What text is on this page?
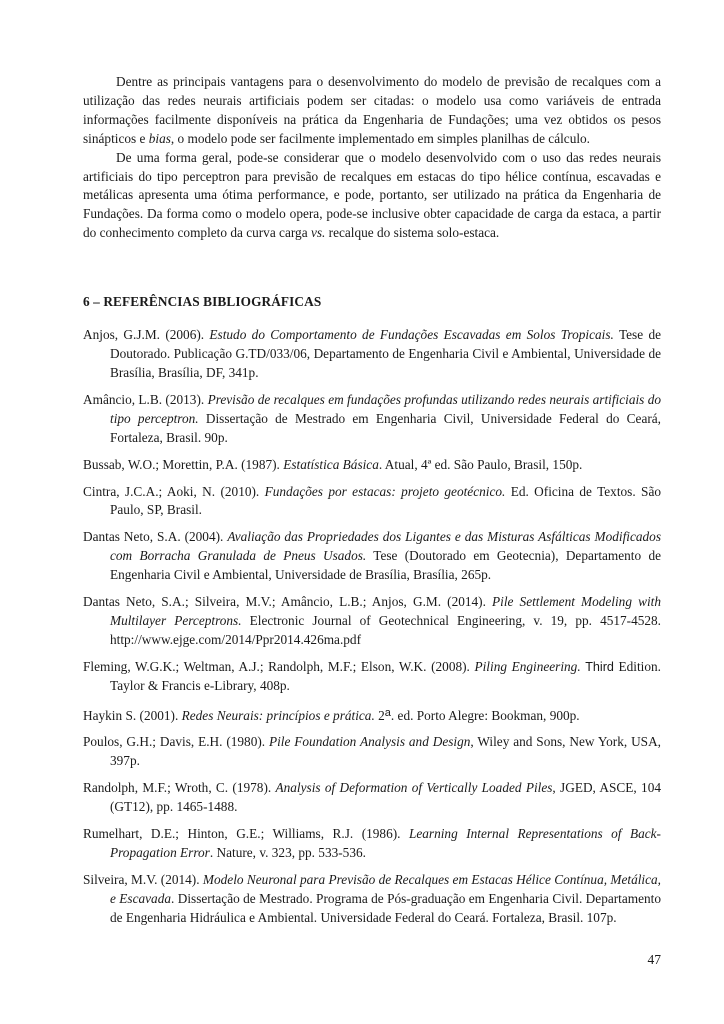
Dentre as principais vantagens para o desenvolvimento do modelo de previsão de recalques com a utilização das redes neurais artificiais podem ser citadas: o modelo usa como variáveis de entrada informações facilmente disponíveis na prática da Engenharia de Fundações; uma vez obtidos os pesos sinápticos e bias, o modelo pode ser facilmente implementado em simples planilhas de cálculo.

De uma forma geral, pode-se considerar que o modelo desenvolvido com o uso das redes neurais artificiais do tipo perceptron para previsão de recalques em estacas do tipo hélice contínua, escavadas e metálicas apresenta uma ótima performance, e pode, portanto, ser utilizado na prática da Engenharia de Fundações. Da forma como o modelo opera, pode-se inclusive obter capacidade de carga da estaca, a partir do conhecimento completo da curva carga vs. recalque do sistema solo-estaca.

6 – REFERÊNCIAS BIBLIOGRÁFICAS

Anjos, G.J.M. (2006). Estudo do Comportamento de Fundações Escavadas em Solos Tropicais. Tese de Doutorado. Publicação G.TD/033/06, Departamento de Engenharia Civil e Ambiental, Universidade de Brasília, Brasília, DF, 341p.

Amâncio, L.B. (2013). Previsão de recalques em fundações profundas utilizando redes neurais artificiais do tipo perceptron. Dissertação de Mestrado em Engenharia Civil, Universidade Federal do Ceará, Fortaleza, Brasil. 90p.

Bussab, W.O.; Morettin, P.A. (1987). Estatística Básica. Atual, 4ª ed. São Paulo, Brasil, 150p.

Cintra, J.C.A.; Aoki, N. (2010). Fundações por estacas: projeto geotécnico. Ed. Oficina de Textos. São Paulo, SP, Brasil.

Dantas Neto, S.A. (2004). Avaliação das Propriedades dos Ligantes e das Misturas Asfálticas Modificados com Borracha Granulada de Pneus Usados. Tese (Doutorado em Geotecnia), Departamento de Engenharia Civil e Ambiental, Universidade de Brasília, Brasília, 265p.

Dantas Neto, S.A.; Silveira, M.V.; Amâncio, L.B.; Anjos, G.M. (2014). Pile Settlement Modeling with Multilayer Perceptrons. Electronic Journal of Geotechnical Engineering, v. 19, pp. 4517-4528. http://www.ejge.com/2014/Ppr2014.426ma.pdf

Fleming, W.G.K.; Weltman, A.J.; Randolph, M.F.; Elson, W.K. (2008). Piling Engineering. Third Edition. Taylor & Francis e-Library, 408p.

Haykin S. (2001). Redes Neurais: princípios e prática. 2$^a$. ed. Porto Alegre: Bookman, 900p.

Poulos, G.H.; Davis, E.H. (1980). Pile Foundation Analysis and Design, Wiley and Sons, New York, USA, 397p.

Randolph, M.F.; Wroth, C. (1978). Analysis of Deformation of Vertically Loaded Piles, JGED, ASCE, 104 (GT12), pp. 1465-1488.

Rumelhart, D.E.; Hinton, G.E.; Williams, R.J. (1986). Learning Internal Representations of Back-Propagation Error. Nature, v. 323, pp. 533-536.

Silveira, M.V. (2014). Modelo Neuronal para Previsão de Recalques em Estacas Hélice Contínua, Metálica, e Escavada. Dissertação de Mestrado. Programa de Pós-graduação em Engenharia Civil. Departamento de Engenharia Hidráulica e Ambiental. Universidade Federal do Ceará. Fortaleza, Brasil. 107p.

47
